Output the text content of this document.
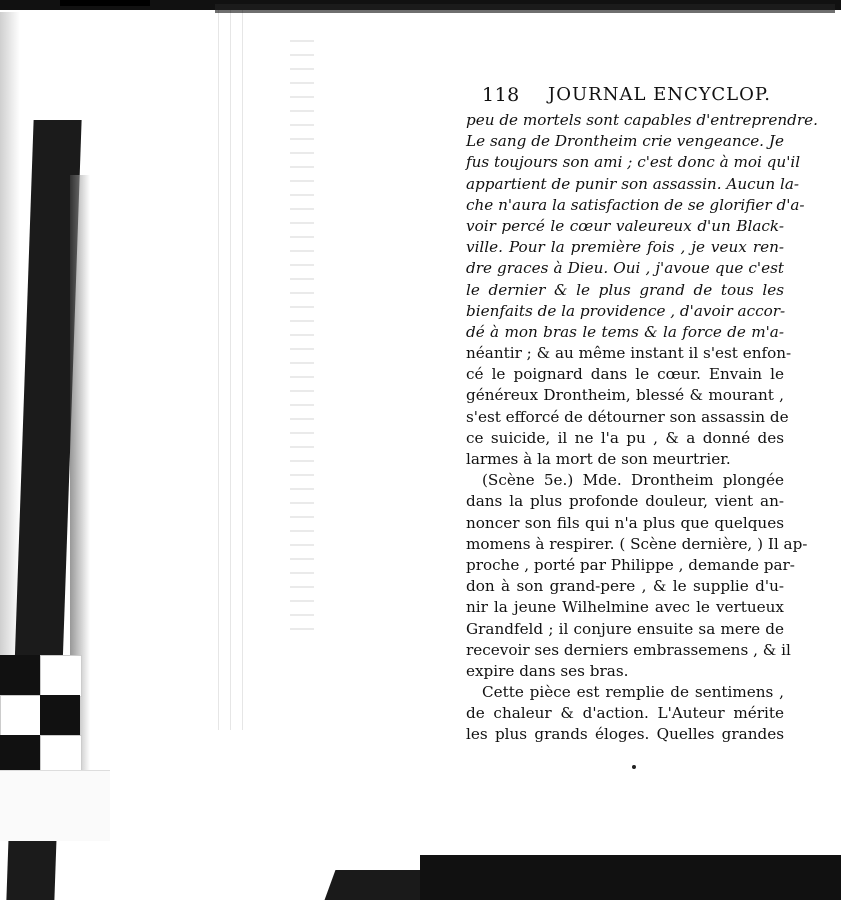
118 JOURNAL ENCYCLOP.
peu de mortels sont capables d'entreprendre.
Le sang de Drontheim crie vengeance. Je
fus toujours son ami ; c'est donc à moi qu'il
appartient de punir son assassin. Aucun la-
che n'aura la satisfaction de se glorifier d'a-
voir percé le cœur valeureux d'un Black-
ville. Pour la première fois , je veux ren-
dre graces à Dieu. Oui , j'avoue que c'est
le dernier & le plus grand de tous les
bienfaits de la providence , d'avoir accor-
dé à mon bras le tems & la force de m'a-
néantir ; & au même instant il s'est enfon-
cé le poignard dans le cœur. Envain le
généreux Drontheim, blessé & mourant ,
s'est efforcé de détourner son assassin de
ce suicide, il ne l'a pu , & a donné des
larmes à la mort de son meurtrier.
(Scène 5e.) Mde. Drontheim plongée
dans la plus profonde douleur, vient an-
noncer son fils qui n'a plus que quelques
momens à respirer. ( Scène dernière, ) Il ap-
proche , porté par Philippe , demande par-
don à son grand-pere , & le supplie d'u-
nir la jeune Wilhelmine avec le vertueux
Grandfeld ; il conjure ensuite sa mere de
recevoir ses derniers embrassemens , & il
expire dans ses bras.
Cette pièce est remplie de sentimens ,
de chaleur & d'action. L'Auteur mérite
les plus grands éloges. Quelles grandes
